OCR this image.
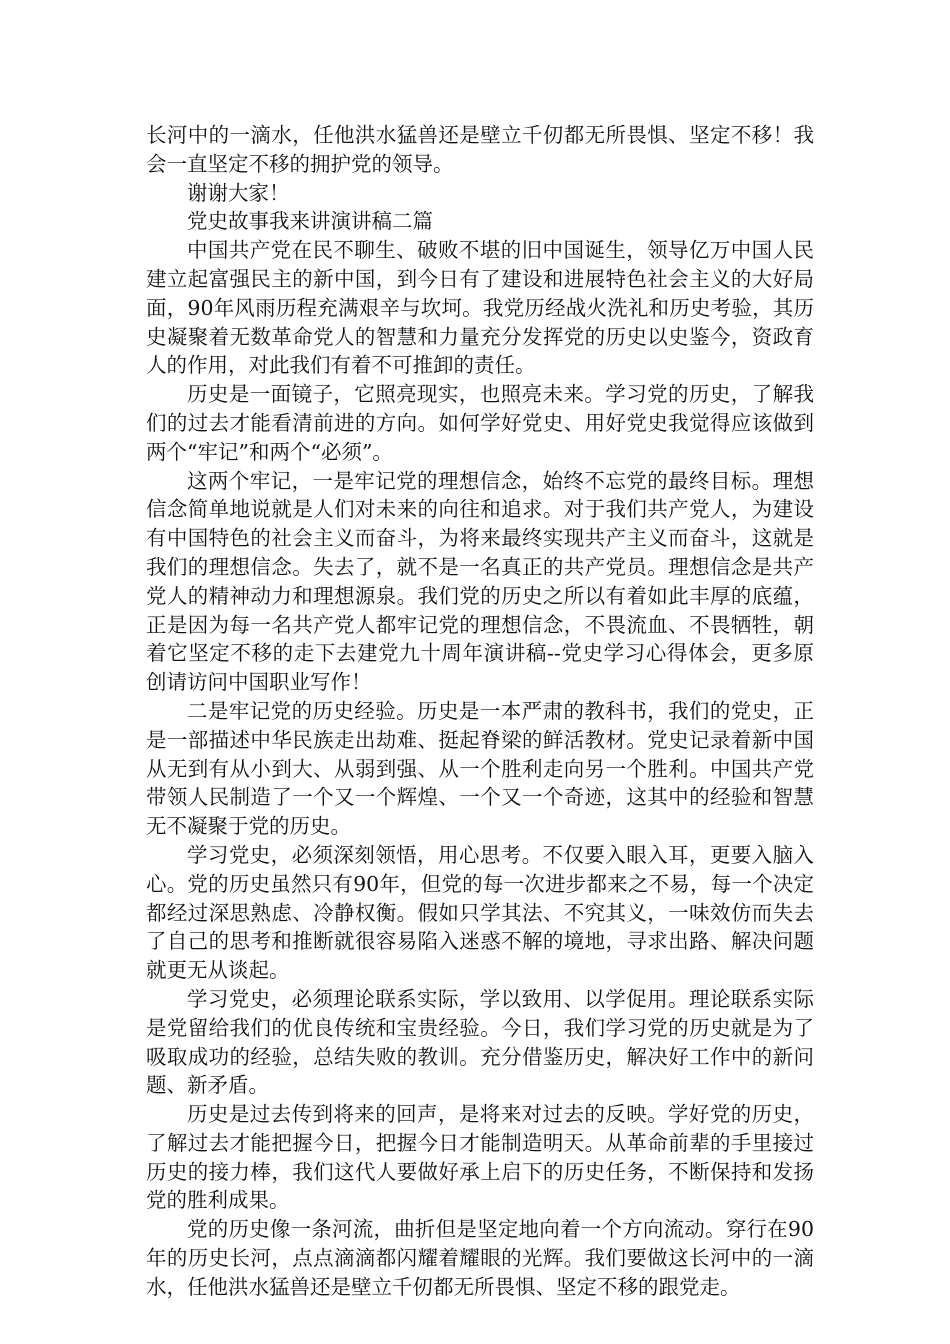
长河中的一滴水，任他洪水猛兽还是壁立千仞都无所畏惧、坚定不移！我会一直坚定不移的拥护党的领导。

谢谢大家！

党史故事我来讲演讲稿二篇

中国共产党在民不聊生、破败不堪的旧中国诞生，领导亿万中国人民建立起富强民主的新中国，到今日有了建设和进展特色社会主义的大好局面，90年风雨历程充满艰辛与坎坷。我党历经战火洗礼和历史考验，其历史凝聚着无数革命党人的智慧和力量充分发挥党的历史以史鉴今，资政育人的作用，对此我们有着不可推卸的责任。

历史是一面镜子，它照亮现实，也照亮未来。学习党的历史，了解我们的过去才能看清前进的方向。如何学好党史、用好党史我觉得应该做到两个“牢记”和两个“必须”。

这两个牢记，一是牢记党的理想信念，始终不忘党的最终目标。理想信念简单地说就是人们对未来的向往和追求。对于我们共产党人，为建设有中国特色的社会主义而奋斗，为将来最终实现共产主义而奋斗，这就是我们的理想信念。失去了，就不是一名真正的共产党员。理想信念是共产党人的精神动力和理想源泉。我们党的历史之所以有着如此丰厚的底蕴，正是因为每一名共产党人都牢记党的理想信念，不畏流血、不畏牺牲，朝着它坚定不移的走下去建党九十周年演讲稿--党史学习心得体会，更多原创请访问中国职业写作！

二是牢记党的历史经验。历史是一本严肃的教科书，我们的党史，正是一部描述中华民族走出劫难、挺起脊梁的鲜活教材。党史记录着新中国从无到有从小到大、从弱到强、从一个胜利走向另一个胜利。中国共产党带领人民制造了一个又一个辉煌、一个又一个奇迹，这其中的经验和智慧无不凝聚于党的历史。

学习党史，必须深刻领悟，用心思考。不仅要入眼入耳，更要入脑入心。党的历史虽然只有90年，但党的每一次进步都来之不易，每一个决定都经过深思熟虑、冷静权衡。假如只学其法、不究其义，一味效仿而失去了自己的思考和推断就很容易陷入迷惑不解的境地，寻求出路、解决问题就更无从谈起。

学习党史，必须理论联系实际，学以致用、以学促用。理论联系实际是党留给我们的优良传统和宝贵经验。今日，我们学习党的历史就是为了吸取成功的经验，总结失败的教训。充分借鉴历史，解决好工作中的新问题、新矛盾。

历史是过去传到将来的回声，是将来对过去的反映。学好党的历史，了解过去才能把握今日，把握今日才能制造明天。从革命前辈的手里接过历史的接力棒，我们这代人要做好承上启下的历史任务，不断保持和发扬党的胜利成果。

党的历史像一条河流，曲折但是坚定地向着一个方向流动。穿行在90年的历史长河，点点滴滴都闪耀着耀眼的光辉。我们要做这长河中的一滴水，任他洪水猛兽还是壁立千仞都无所畏惧、坚定不移的跟党走。
